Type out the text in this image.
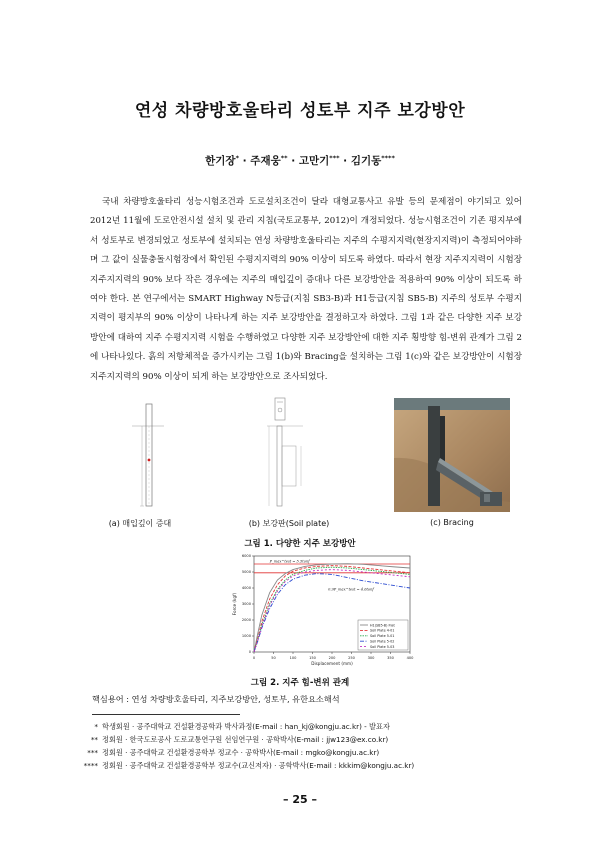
연성 차량방호울타리 성토부 지주 보강방안
한기장* · 주재웅** · 고만기*** · 김기동****

국내 차량방호울타리 성능시험조건과 도로설치조건이 달라 대형교통사고 유발 등의 문제점이 야기되고 있어 2012년 11월에 도로안전시설 설치 및 관리 지침(국토교통부, 2012)이 개정되었다. 성능시험조건이 기존 평지부에서 성토부로 변경되었고 성토부에 설치되는 연성 차량방호울타리는 지주의 수평지지력(현장지지력)이 측정되어야하며 그 값이 실물충돌시험장에서 확인된 수평지지력의 90% 이상이 되도록 하였다. 따라서 현장 지주지지력이 시험장 지주지지력의 90% 보다 작은 경우에는 지주의 매입깊이 증대나 다른 보강방안을 적용하여 90% 이상이 되도록 하여야 한다. 본 연구에서는 SMART Highway N등급(지침 SB3-B)과 H1등급(지침 SB5-B) 지주의 성토부 수평지지력이 평지부의 90% 이상이 나타나게 하는 지주 보강방안을 결정하고자 하였다. 그림 1과 같은 다양한 지주 보강방안에 대하여 지주 수평지지력 시험을 수행하였고 다양한 지주 보강방안에 대한 지주 횡방향 힘-변위 관계가 그림 2에 나타나있다. 흙의 저항체적을 증가시키는 그림 1(b)와 Bracing을 설치하는 그림 1(c)와 같은 보강방안이 시험장 지주지지력의 90% 이상이 되게 하는 보강방안으로 조사되었다.

(a) 매입깊이 증대	(b) 보강판(Soil plate)	(c) Bracing
그림 1. 다양한 지주 보강방안
0	50	100	150	200	250	300	350	400
0
1000
2000
3000
4000
5000
6000
Displacement (mm)
Force (kgf)
P_max^test = 5.5tonf
0.9P_max^test = 4.6tonf
H1(SB5-B) Flat
Soil Plate 4-01
Soil Plate 5-01
Soil Plate 5-02
Soil Plate 5-03
그림 2. 지주 힘-변위 관계
핵심용어 : 연성 차량방호울타리, 지주보강방안, 성토부, 유한요소해석
* 학생회원 · 공주대학교 건설환경공학과 박사과정(E-mail : han_kj@kongju.ac.kr) - 발표자
** 정회원 · 한국도로공사 도로교통연구원 선임연구원 · 공학박사(E-mail : jjw123@ex.co.kr)
*** 정회원 · 공주대학교 건설환경공학부 정교수 · 공학박사(E-mail : mgko@kongju.ac.kr)
**** 정회원 · 공주대학교 건설환경공학부 정교수(교신저자) · 공학박사(E-mail : kkkim@kongju.ac.kr)
– 25 –
